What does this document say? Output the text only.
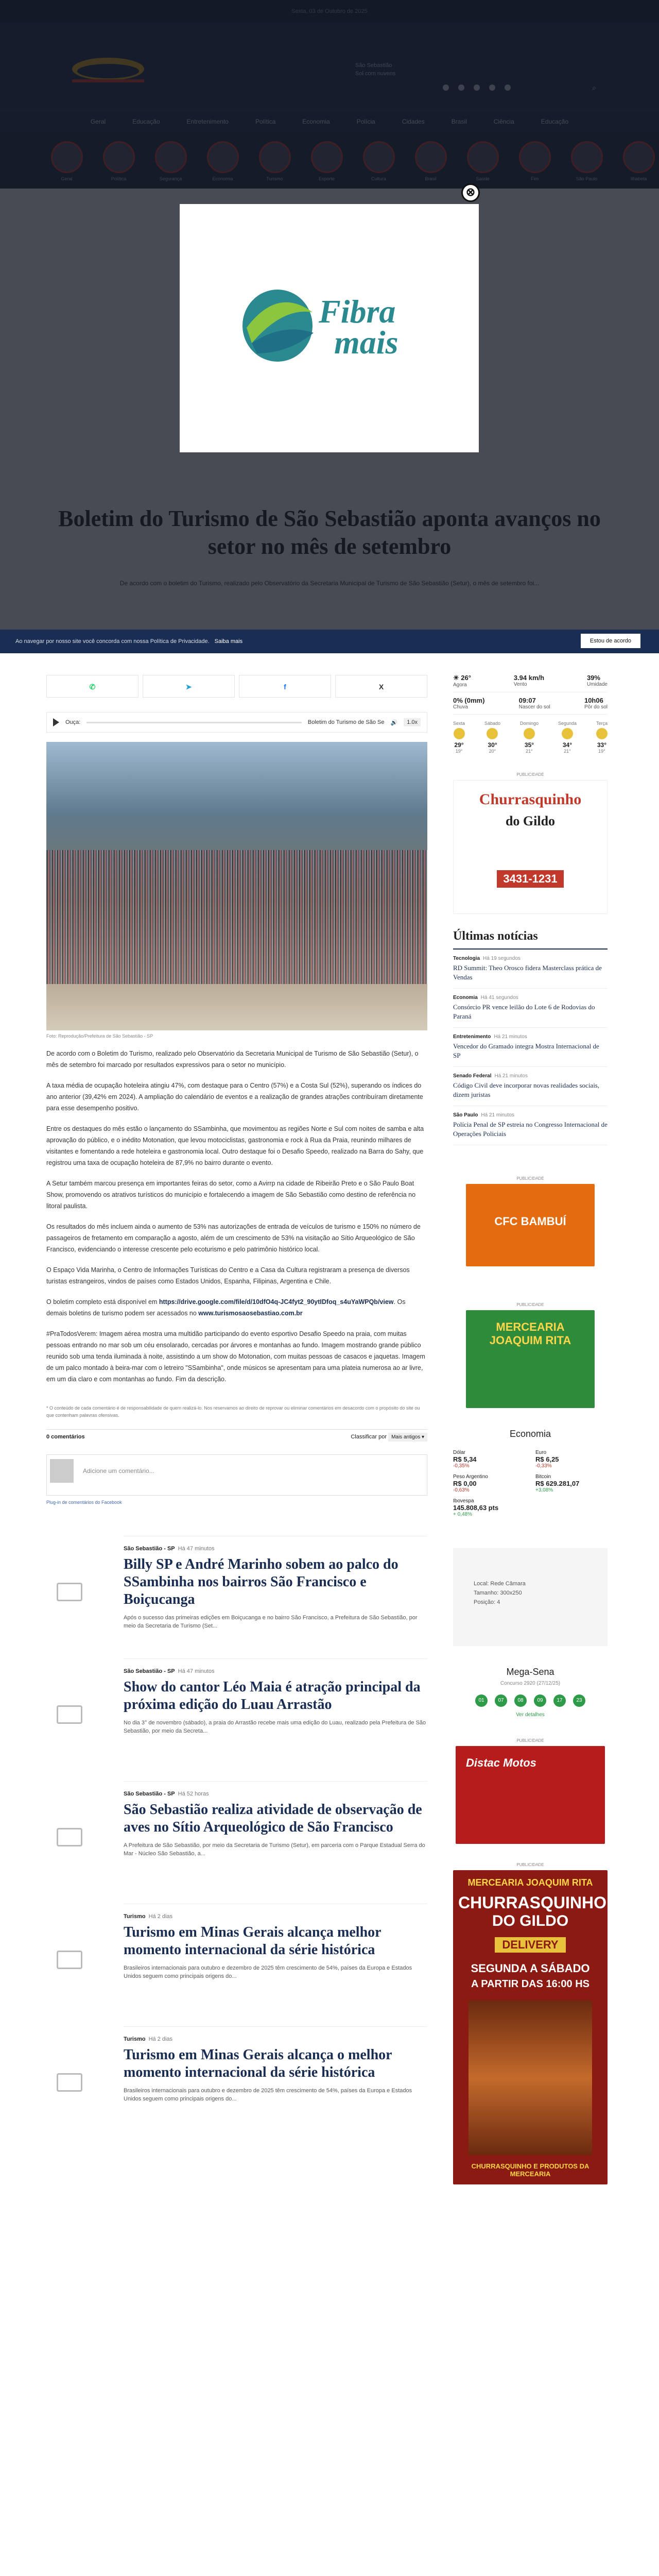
⊗
Fibra
mais
Ao navegar por nosso site você concorda com nossa Política de Privacidade. Saiba mais	Estou de acordo
✆	➤	f	X
Ouça:	Boletim do Turismo de São Se 🔊	1.0x
Foto: Reprodução/Prefeitura de São Sebastião - SP

De acordo com o Boletim do Turismo, realizado pelo Observatório da Secretaria Municipal de Turismo de São Sebastião (Setur), o mês de setembro foi marcado por resultados expressivos para o setor no município.

A taxa média de ocupação hoteleira atingiu 47%, com destaque para o Centro (57%) e a Costa Sul (52%), superando os índices do ano anterior (39,42% em 2024). A ampliação do calendário de eventos e a realização de grandes atrações contribuíram diretamente para esse desempenho positivo.

Entre os destaques do mês estão o lançamento do SSambinha, que movimentou as regiões Norte e Sul com noites de samba e alta aprovação do público, e o inédito Motonation, que levou motociclistas, gastronomia e rock à Rua da Praia, reunindo milhares de visitantes e fomentando a rede hoteleira e gastronomia local. Outro destaque foi o Desafio Speedo, realizado na Barra do Sahy, que registrou uma taxa de ocupação hoteleira de 87,9% no bairro durante o evento.

A Setur também marcou presença em importantes feiras do setor, como a Avirrp na cidade de Ribeirão Preto e o São Paulo Boat Show, promovendo os atrativos turísticos do município e fortalecendo a imagem de São Sebastião como destino de referência no litoral paulista.

Os resultados do mês incluem ainda o aumento de 53% nas autorizações de entrada de veículos de turismo e 150% no número de passageiros de fretamento em comparação a agosto, além de um crescimento de 53% na visitação ao Sítio Arqueológico de São Francisco, evidenciando o interesse crescente pelo ecoturismo e pelo patrimônio histórico local.

O Espaço Vida Marinha, o Centro de Informações Turísticas do Centro e a Casa da Cultura registraram a presença de diversos turistas estrangeiros, vindos de países como Estados Unidos, Espanha, Filipinas, Argentina e Chile.

O boletim completo está disponível em https://drive.google.com/file/d/10dfO4q-JC4fyt2_90ytIDfoq_s4uYaWPQb/view. Os demais boletins de turismo podem ser acessados no www.turismosaosebastiao.com.br

#PraTodosVerem: Imagem aérea mostra uma multidão participando do evento esportivo Desafio Speedo na praia, com muitas pessoas entrando no mar sob um céu ensolarado, cercadas por árvores e montanhas ao fundo. Imagem mostrando grande público reunido sob uma tenda iluminada à noite, assistindo a um show do Motonation, com muitas pessoas de casacos e jaquetas. Imagem de um palco montado à beira-mar com o letreiro "SSambinha", onde músicos se apresentam para uma plateia numerosa ao ar livre, em um dia claro e com montanhas ao fundo. Fim da descrição.

* O conteúdo de cada comentário é de responsabilidade de quem realizá-lo. Nos reservamos ao direito de reprovar ou eliminar comentários em desacordo com o propósito do site ou que contenham palavras ofensivas.
0 comentários	Classificar por Mais antigos ▾
Adicione um comentário...
Plug-in de comentários do Facebook
São Sebastião - SP Há 47 minutos
Billy SP e André Marinho sobem ao palco do SSambinha nos bairros São Francisco e Boiçucanga

Após o sucesso das primeiras edições em Boiçucanga e no bairro São Francisco, a Prefeitura de São Sebastião, por meio da Secretaria de Turismo (Set...

São Sebastião - SP Há 47 minutos
Show do cantor Léo Maia é atração principal da próxima edição do Luau Arrastão

No dia 3° de novembro (sábado), a praia do Arrastão recebe mais uma edição do Luau, realizado pela Prefeitura de São Sebastião, por meio da Secreta...

São Sebastião - SP Há 52 horas
São Sebastião realiza atividade de observação de aves no Sítio Arqueológico de São Francisco

A Prefeitura de São Sebastião, por meio da Secretaria de Turismo (Setur), em parceria com o Parque Estadual Serra do Mar - Núcleo São Sebastião, a...

Turismo Há 2 dias
Turismo em Minas Gerais alcança melhor momento internacional da série histórica

Brasileiros internacionais para outubro e dezembro de 2025 têm crescimento de 54%, países da Europa e Estados Unidos seguem como principais origens do...

Turismo Há 2 dias
Turismo em Minas Gerais alcança o melhor momento internacional da série histórica

Brasileiros internacionais para outubro e dezembro de 2025 têm crescimento de 54%, países da Europa e Estados Unidos seguem como principais origens do...

☀ 26°
Agora
3.94 km/h
Vento
39%
Umidade
0% (0mm)
Chuva
09:07
Nascer do sol
10h06
Pôr do sol
Sexta
29°
19°
Sábado
30°
20°
Domingo
35°
21°
Segunda
34°
21°
Terça
33°
19°
PUBLICIDADE
Churrasquinho
do Gildo
3431-1231
Últimas notícias
Tecnologia Há 19 segundos
RD Summit: Theo Orosco fidera Masterclass prática de Vendas
Economia Há 41 segundos
Consórcio PR vence leilão do Lote 6 de Rodovias do Paraná
Entretenimento Há 21 minutos
Vencedor do Gramado integra Mostra Internacional de SP
Senado Federal Há 21 minutos
Código Civil deve incorporar novas realidades sociais, dizem juristas
São Paulo Há 21 minutos
Polícia Penal de SP estreia no Congresso Internacional de Operações Policiais
PUBLICIDADE
CFC BAMBUÍ
PUBLICIDADE
MERCEARIA JOAQUIM RITA
Economia
Dólar
R$ 5,34
-0,35%
Euro
R$ 6,25
-0,33%
Peso Argentino
R$ 0,00
-0,63%
Bitcoin
R$ 629.281,07
+3,08%
Ibovespa
145.808,63 pts
+ 0,48%
Local: Rede Câmara
Tamanho: 300x250
Posição: 4
Mega-Sena
Concurso 2920 (27/12/25)
01	07	08	09	17	23
Ver detalhes
PUBLICIDADE
Distac Motos
PUBLICIDADE
MERCEARIA JOAQUIM RITA
CHURRASQUINHO
DO GILDO
DELIVERY
SEGUNDA A SÁBADO
A PARTIR DAS 16:00 HS
CHURRASQUINHO E PRODUTOS DA MERCEARIA
